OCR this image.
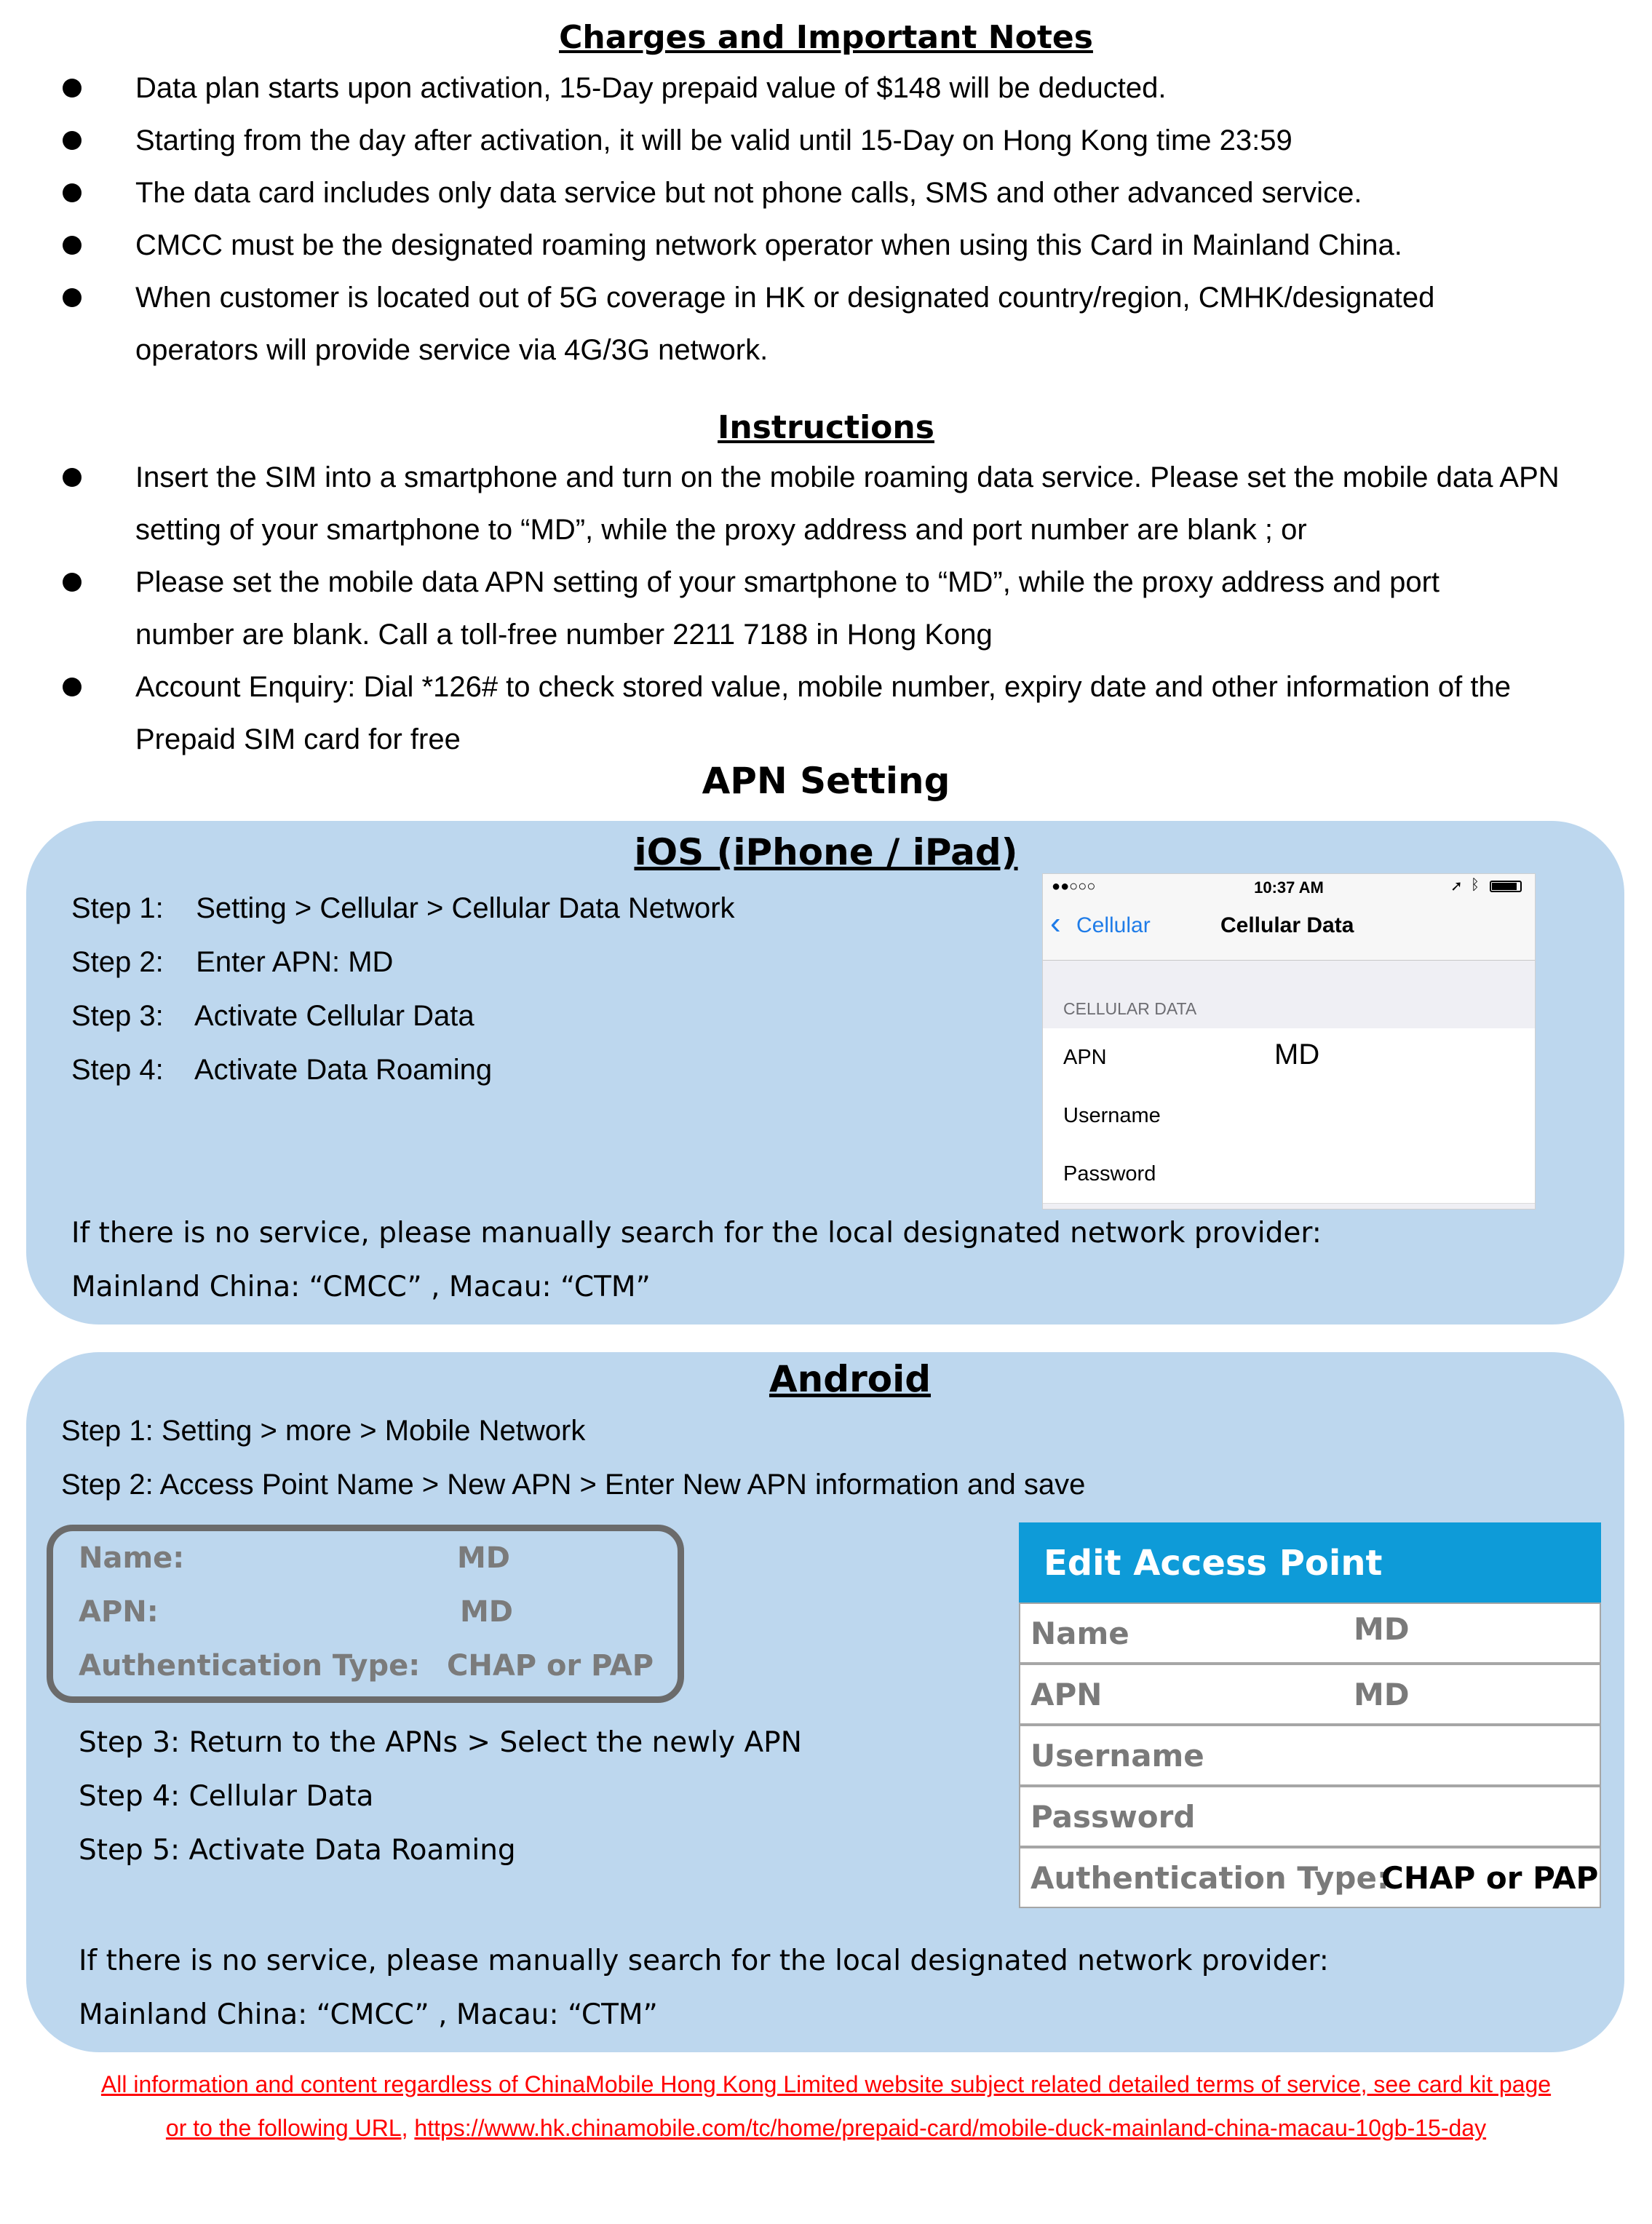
Charges and Important Notes
Data plan starts upon activation, 15-Day prepaid value of $148 will be deducted.
Starting from the day after activation, it will be valid until 15-Day on Hong Kong time 23:59
The data card includes only data service but not phone calls, SMS and other advanced service.
CMCC must be the designated roaming network operator when using this Card in Mainland China.
When customer is located out of 5G coverage in HK or designated country/region, CMHK/designated operators will provide service via 4G/3G network.
Instructions
Insert the SIM into a smartphone and turn on the mobile roaming data service. Please set the mobile data APN setting of your smartphone to “MD”, while the proxy address and port number are blank ; or
Please set the mobile data APN setting of your smartphone to “MD”, while the proxy address and port number are blank. Call a toll-free number 2211 7188 in Hong Kong
Account Enquiry: Dial *126# to check stored value, mobile number, expiry date and other information of the Prepaid SIM card for free
APN Setting
iOS (iPhone / iPad)
Step 1:    Setting > Cellular > Cellular Data Network
Step 2:    Enter APN: MD
Step 3:    Activate Cellular Data
Step 4:    Activate Data Roaming
●●○○○	10:37 AM	➚ ᛒ
‹ Cellular	Cellular Data
CELLULAR DATA
APN	MD
Username
Password
If there is no service, please manually search for the local designated network provider:
Mainland China: “CMCC” , Macau: “CTM”
Android
Step 1: Setting > more > Mobile Network
Step 2: Access Point Name > New APN > Enter New APN information and save
Name:	MD
APN:	MD
Authentication Type: CHAP or PAP
Step 3: Return to the APNs > Select the newly APN
Step 4: Cellular Data
Step 5: Activate Data Roaming
Edit Access Point
Name	MD
APN	MD
Username
Password
Authentication Type:
CHAP or PAP
If there is no service, please manually search for the local designated network provider:
Mainland China: “CMCC” , Macau: “CTM”
All information and content regardless of ChinaMobile Hong Kong Limited website subject related detailed terms of service, see card kit page
or to the following URL, https://www.hk.chinamobile.com/tc/home/prepaid-card/mobile-duck-mainland-china-macau-10gb-15-day
